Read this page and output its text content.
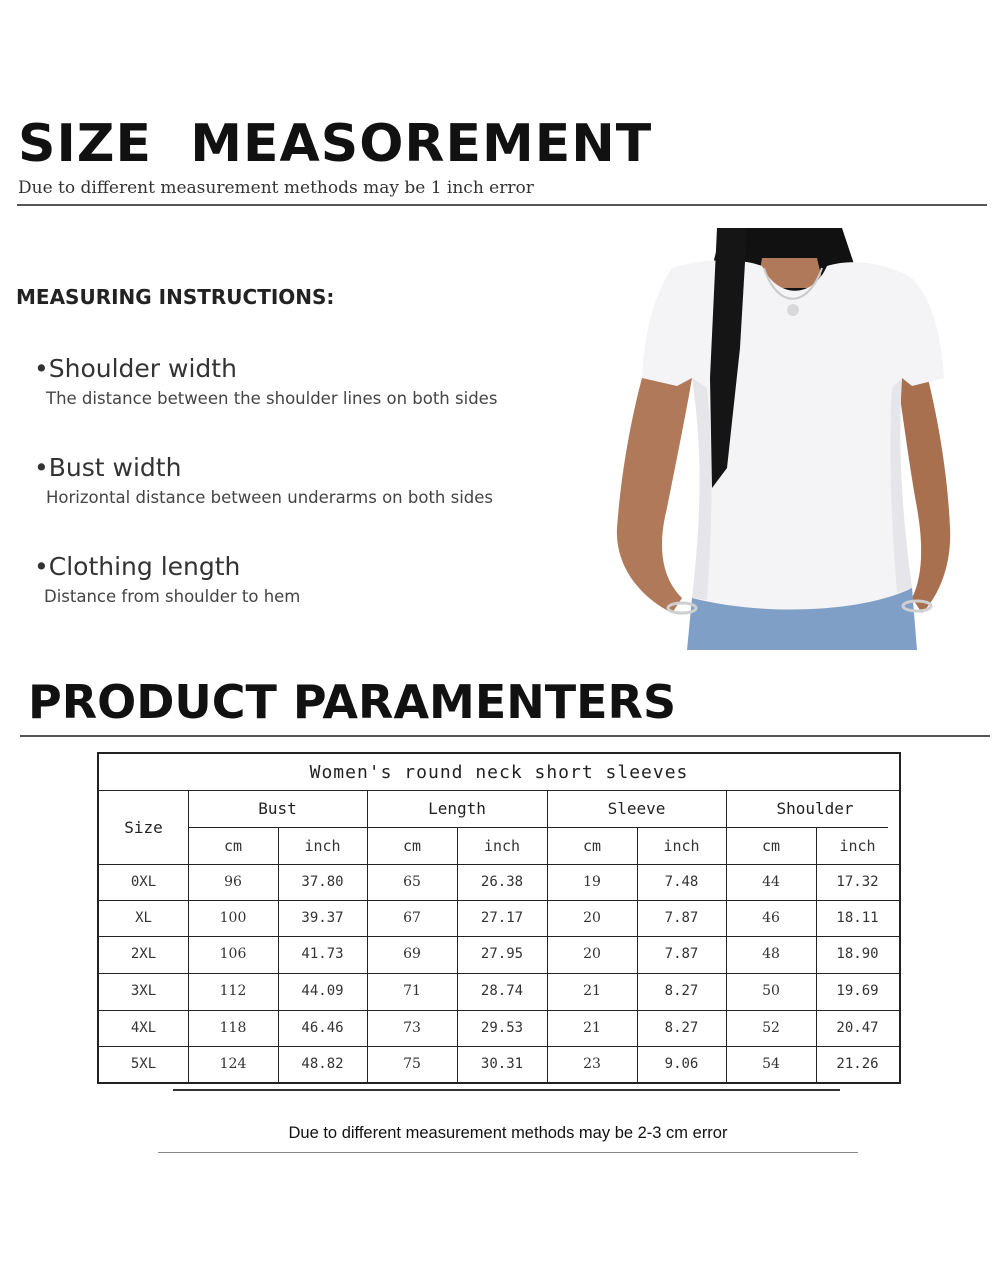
SIZE  MEASOREMENT
Due to different measurement methods may be 1 inch error
MEASURING INSTRUCTIONS:
•Shoulder width
The distance between the shoulder lines on both sides
•Bust width
Horizontal distance between underarms on both sides
•Clothing length
Distance from shoulder to hem
PRODUCT PARAMENTERS
Women's round neck short sleeves
Size
Bust	Length	Sleeve	Shoulder
cm	inch	cm	inch	cm	inch	cm	inch
0XL	96	37.80	65	26.38	19	7.48	44	17.32
XL	100	39.37	67	27.17	20	7.87	46	18.11
2XL	106	41.73	69	27.95	20	7.87	48	18.90
3XL	112	44.09	71	28.74	21	8.27	50	19.69
4XL	118	46.46	73	29.53	21	8.27	52	20.47
5XL	124	48.82	75	30.31	23	9.06	54	21.26
Due to different measurement methods may be 2-3 cm error
